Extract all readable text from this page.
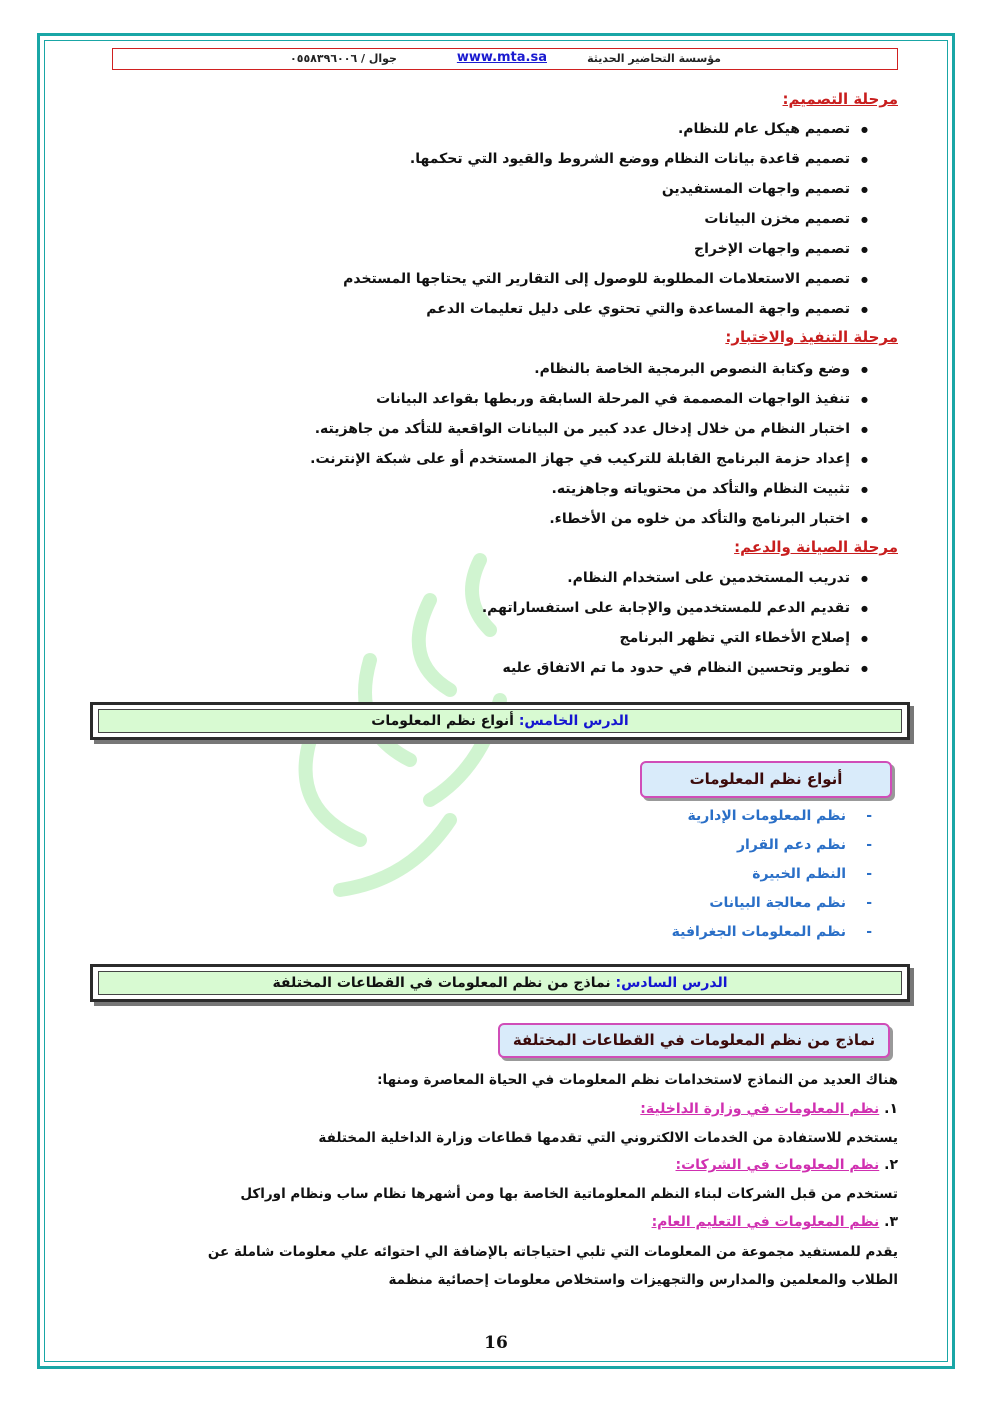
مؤسسة التحاضير الحديثة
www.mta.sa
جوال / ٠٥٥٨٣٩٦٠٠٦
مرحلة التصميم:
● تصميم هيكل عام للنظام.
● تصميم قاعدة بيانات النظام ووضع الشروط والقيود التي تحكمها.
● تصميم واجهات المستفيدين
● تصميم مخزن البيانات
● تصميم واجهات الإخراج
● تصميم الاستعلامات المطلوبة للوصول إلى التقارير التي يحتاجها المستخدم
● تصميم واجهة المساعدة والتي تحتوي على دليل تعليمات الدعم
مرحلة التنفيذ والاختبار:
● وضع وكتابة النصوص البرمجية الخاصة بالنظام.
● تنفيذ الواجهات المصممة في المرحلة السابقة وربطها بقواعد البيانات
● اختبار النظام من خلال إدخال عدد كبير من البيانات الواقعية للتأكد من جاهزيته.
● إعداد حزمة البرنامج القابلة للتركيب في جهاز المستخدم أو على شبكة الإنترنت.
● تثبيت النظام والتأكد من محتوياته وجاهزيته.
● اختبار البرنامج والتأكد من خلوه من الأخطاء.
مرحلة الصيانة والدعم:
● تدريب المستخدمين على استخدام النظام.
● تقديم الدعم للمستخدمين والإجابة على استفساراتهم.
● إصلاح الأخطاء التي تظهر البرنامج
● تطوير وتحسين النظام في حدود ما تم الاتفاق عليه
الدرس الخامس: أنواع نظم المعلومات
أنواع نظم المعلومات
- نظم المعلومات الإدارية
- نظم دعم القرار
- النظم الخبيرة
- نظم معالجة البيانات
- نظم المعلومات الجغرافية
الدرس السادس: نماذج من نظم المعلومات في القطاعات المختلفة
نماذج من نظم المعلومات في القطاعات المختلفة
هناك العديد من النماذج لاستخدامات نظم المعلومات في الحياة المعاصرة ومنها:
١. نظم المعلومات في وزارة الداخلية:
يستخدم للاستفادة من الخدمات الالكتروني التي تقدمها قطاعات وزارة الداخلية المختلفة
٢. نظم المعلومات في الشركات:
تستخدم من قبل الشركات لبناء النظم المعلوماتية الخاصة بها ومن أشهرها نظام ساب ونظام اوراكل
٣. نظم المعلومات في التعليم العام:
يقدم للمستفيد مجموعة من المعلومات التي تلبي احتياجاته بالإضافة الي احتوائه علي معلومات شاملة عن
الطلاب والمعلمين والمدارس والتجهيزات واستخلاص معلومات إحصائية منظمة
16
